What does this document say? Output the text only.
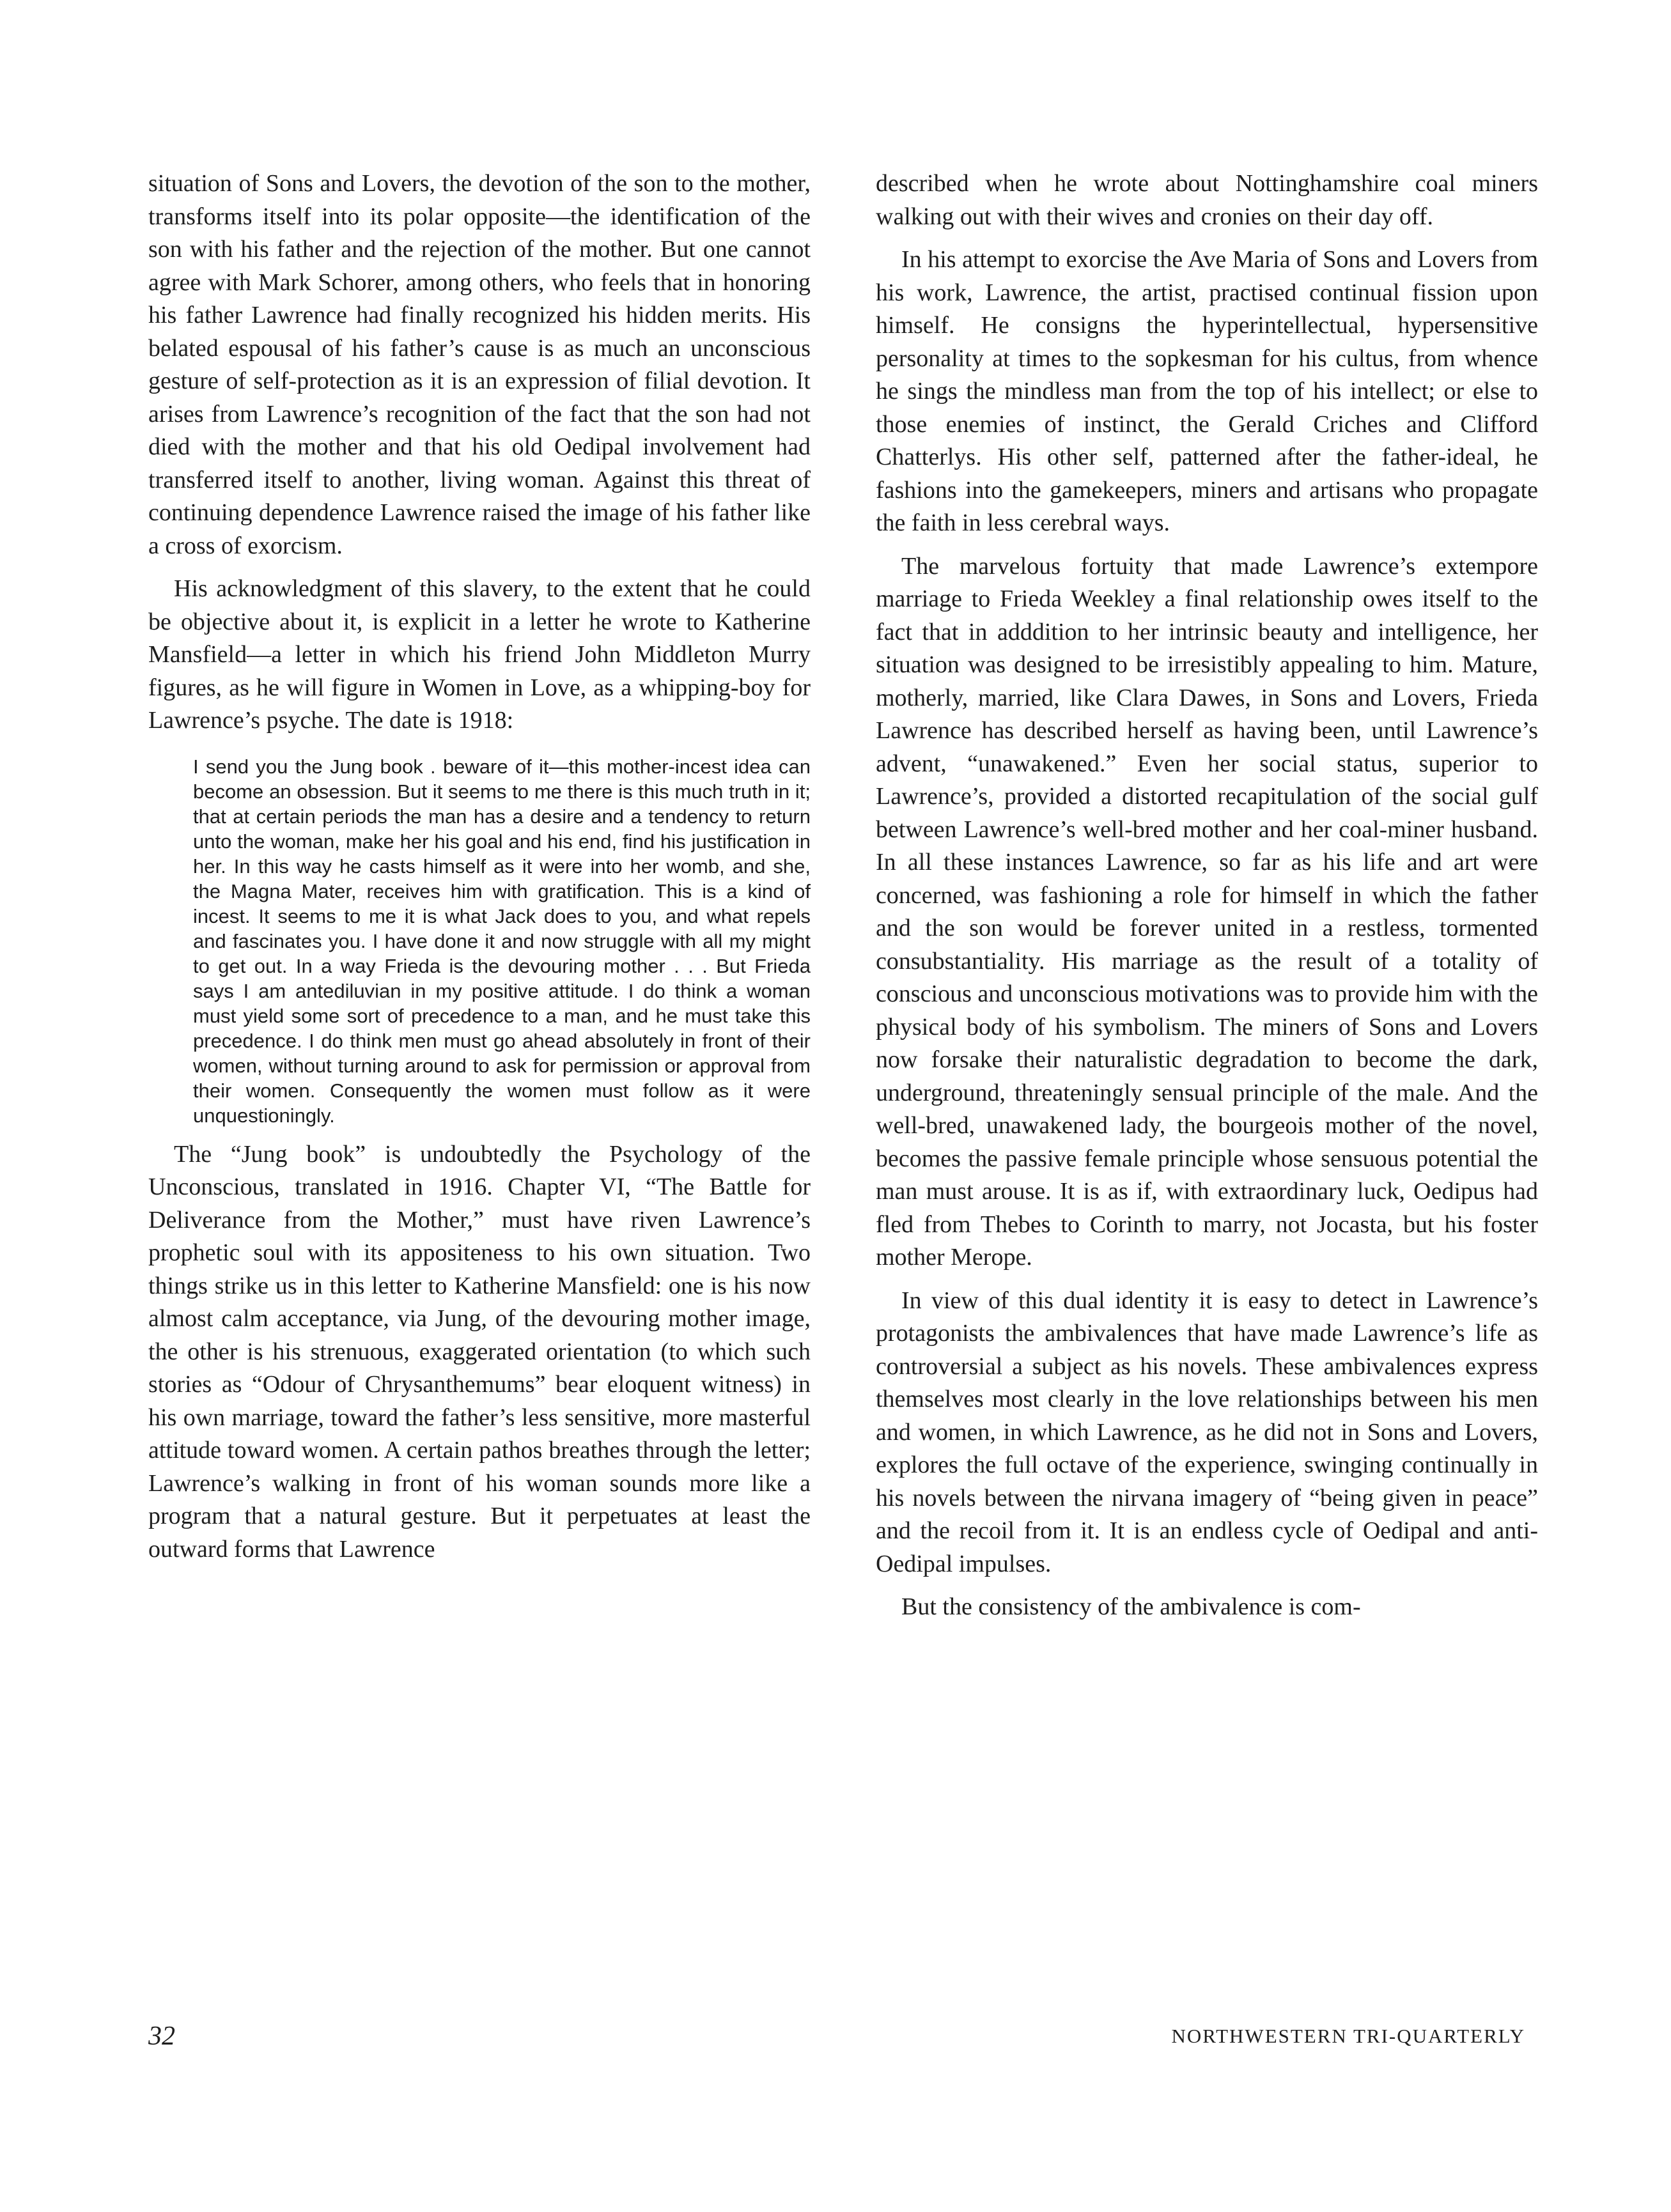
situation of Sons and Lovers, the devotion of the son to the mother, transforms itself into its polar opposite—the identification of the son with his father and the rejection of the mother. But one cannot agree with Mark Schorer, among others, who feels that in honoring his father Lawrence had finally recognized his hidden merits. His belated espousal of his father’s cause is as much an unconscious gesture of self-protection as it is an expression of filial devotion. It arises from Lawrence’s recognition of the fact that the son had not died with the mother and that his old Oedipal involvement had transferred itself to another, living woman. Against this threat of continuing dependence Lawrence raised the image of his father like a cross of exorcism.

His acknowledgment of this slavery, to the extent that he could be objective about it, is explicit in a letter he wrote to Katherine Mansfield—a letter in which his friend John Middleton Murry figures, as he will figure in Women in Love, as a whipping-boy for Lawrence’s psyche. The date is 1918:

I send you the Jung book . beware of it—this mother-incest idea can become an obsession. But it seems to me there is this much truth in it; that at certain periods the man has a desire and a tendency to return unto the woman, make her his goal and his end, find his justification in her. In this way he casts himself as it were into her womb, and she, the Magna Mater, receives him with gratification. This is a kind of incest. It seems to me it is what Jack does to you, and what repels and fascinates you. I have done it and now struggle with all my might to get out. In a way Frieda is the devouring mother . . . But Frieda says I am antediluvian in my positive attitude. I do think a woman must yield some sort of precedence to a man, and he must take this precedence. I do think men must go ahead absolutely in front of their women, without turning around to ask for permission or approval from their women. Consequently the women must follow as it were unquestioningly.

The “Jung book” is undoubtedly the Psychology of the Unconscious, translated in 1916. Chapter VI, “The Battle for Deliverance from the Mother,” must have riven Lawrence’s prophetic soul with its appositeness to his own situation. Two things strike us in this letter to Katherine Mansfield: one is his now almost calm acceptance, via Jung, of the devouring mother image, the other is his strenuous, exaggerated orientation (to which such stories as “Odour of Chrysanthemums” bear eloquent witness) in his own marriage, toward the father’s less sensitive, more masterful attitude toward women. A certain pathos breathes through the letter; Lawrence’s walking in front of his woman sounds more like a program that a natural gesture. But it perpetuates at least the outward forms that Lawrence

described when he wrote about Nottinghamshire coal miners walking out with their wives and cronies on their day off.

In his attempt to exorcise the Ave Maria of Sons and Lovers from his work, Lawrence, the artist, practised continual fission upon himself. He consigns the hyperintellectual, hypersensitive personality at times to the sopkesman for his cultus, from whence he sings the mindless man from the top of his intellect; or else to those enemies of instinct, the Gerald Criches and Clifford Chatterlys. His other self, patterned after the father-ideal, he fashions into the gamekeepers, miners and artisans who propagate the faith in less cerebral ways.

The marvelous fortuity that made Lawrence’s extempore marriage to Frieda Weekley a final relationship owes itself to the fact that in adddition to her intrinsic beauty and intelligence, her situation was designed to be irresistibly appealing to him. Mature, motherly, married, like Clara Dawes, in Sons and Lovers, Frieda Lawrence has described herself as having been, until Lawrence’s advent, “unawakened.” Even her social status, superior to Lawrence’s, provided a distorted recapitulation of the social gulf between Lawrence’s well-bred mother and her coal-miner husband. In all these instances Lawrence, so far as his life and art were concerned, was fashioning a role for himself in which the father and the son would be forever united in a restless, tormented consubstantiality. His marriage as the result of a totality of conscious and unconscious motivations was to provide him with the physical body of his symbolism. The miners of Sons and Lovers now forsake their naturalistic degradation to become the dark, underground, threateningly sensual principle of the male. And the well-bred, unawakened lady, the bourgeois mother of the novel, becomes the passive female principle whose sensuous potential the man must arouse. It is as if, with extraordinary luck, Oedipus had fled from Thebes to Corinth to marry, not Jocasta, but his foster mother Merope.

In view of this dual identity it is easy to detect in Lawrence’s protagonists the ambivalences that have made Lawrence’s life as controversial a subject as his novels. These ambivalences express themselves most clearly in the love relationships between his men and women, in which Lawrence, as he did not in Sons and Lovers, explores the full octave of the experience, swinging continually in his novels between the nirvana imagery of “being given in peace” and the recoil from it. It is an endless cycle of Oedipal and anti-Oedipal impulses.

But the consistency of the ambivalence is com-

32	NORTHWESTERN TRI-QUARTERLY
